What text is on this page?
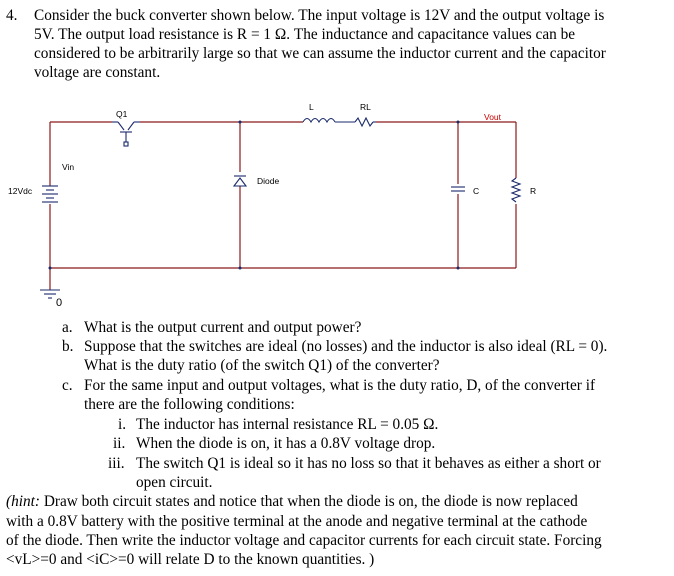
4. Consider the buck converter shown below. The input voltage is 12V and the output voltage is
5V. The output load resistance is R = 1 Ω. The inductance and capacitance values can be
considered to be arbitrarily large so that we can assume the inductor current and the capacitor
voltage are constant.
Q1
L	RL
Vout
Vin
12Vdc
Diode
C	R
0
a. What is the output current and output power?
b. Suppose that the switches are ideal (no losses) and the inductor is also ideal (RL = 0).
What is the duty ratio (of the switch Q1) of the converter?
c. For the same input and output voltages, what is the duty ratio, D, of the converter if
there are the following conditions:
i. The inductor has internal resistance RL = 0.05 Ω.
ii. When the diode is on, it has a 0.8V voltage drop.
iii. The switch Q1 is ideal so it has no loss so that it behaves as either a short or
open circuit.
(hint: Draw both circuit states and notice that when the diode is on, the diode is now replaced
with a 0.8V battery with the positive terminal at the anode and negative terminal at the cathode
of the diode. Then write the inductor voltage and capacitor currents for each circuit state. Forcing
<vL>=0 and <iC>=0 will relate D to the known quantities. )
